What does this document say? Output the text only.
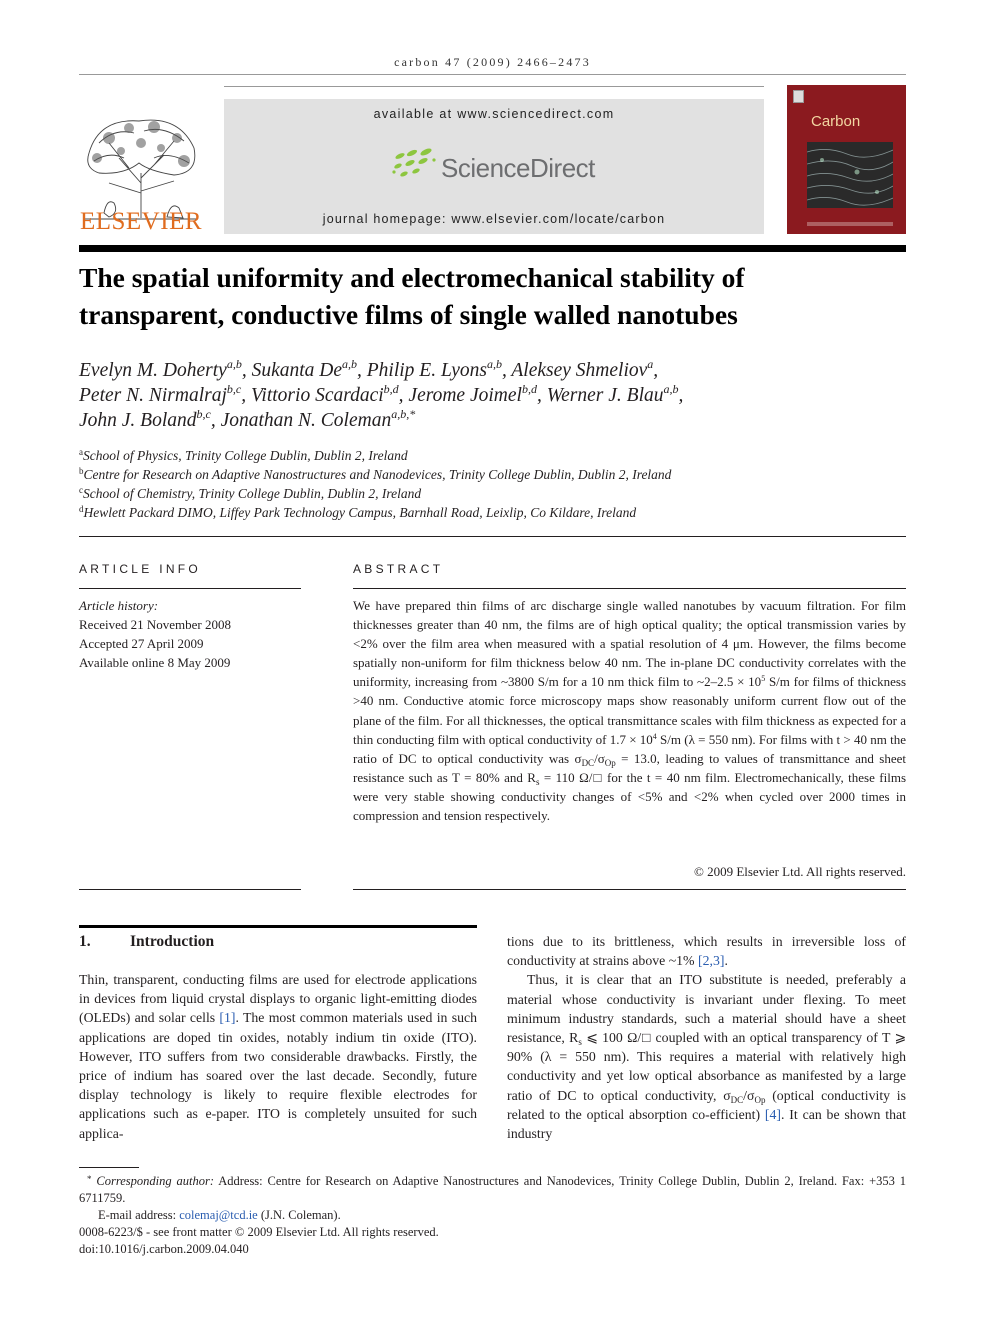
carbon 47 (2009) 2466–2473
ELSEVIER
available at www.sciencedirect.com
ScienceDirect
journal homepage: www.elsevier.com/locate/carbon
Carbon
The spatial uniformity and electromechanical stability of
transparent, conductive films of single walled nanotubes
Evelyn M. Doherty$^{a,b}$, Sukanta De$^{a,b}$, Philip E. Lyons$^{a,b}$, Aleksey Shmeliov$^a$,
Peter N. Nirmalraj$^{b,c}$, Vittorio Scardaci$^{b,d}$, Jerome Joimel$^{b,d}$, Werner J. Blau$^{a,b}$,
John J. Boland$^{b,c}$, Jonathan N. Coleman$^{a,b,*}$
$^a$School of Physics, Trinity College Dublin, Dublin 2, Ireland
$^b$Centre for Research on Adaptive Nanostructures and Nanodevices, Trinity College Dublin, Dublin 2, Ireland
$^c$School of Chemistry, Trinity College Dublin, Dublin 2, Ireland
$^d$Hewlett Packard DIMO, Liffey Park Technology Campus, Barnhall Road, Leixlip, Co Kildare, Ireland
ARTICLE INFO
Article history:
Received 21 November 2008
Accepted 27 April 2009
Available online 8 May 2009
ABSTRACT
We have prepared thin films of arc discharge single walled nanotubes by vacuum filtration. For film thicknesses greater than 40 nm, the films are of high optical quality; the optical transmission varies by <2% over the film area when measured with a spatial resolution of 4 μm. However, the films become spatially non-uniform for film thickness below 40 nm. The in-plane DC conductivity correlates with the uniformity, increasing from ~3800 S/m for a 10 nm thick film to ~2–2.5 × $10^5$ S/m for films of thickness >40 nm. Conductive atomic force microscopy maps show reasonably uniform current flow out of the plane of the film. For all thicknesses, the optical transmittance scales with film thickness as expected for a thin conducting film with optical conductivity of $1.7 \times 10^4$ S/m (λ = 550 nm). For films with t > 40 nm the ratio of DC to optical conductivity was $\sigma_{DC}/\sigma_{Op} = 13.0$, leading to values of transmittance and sheet resistance such as T = 80% and $R_s = 110$ Ω/□ for the t = 40 nm film. Electromechanically, these films were very stable showing conductivity changes of <5% and <2% when cycled over 2000 times in compression and tension respectively.
© 2009 Elsevier Ltd. All rights reserved.
1.	Introduction

Thin, transparent, conducting films are used for electrode applications in devices from liquid crystal displays to organic light-emitting diodes (OLEDs) and solar cells [1]. The most common materials used in such applications are doped tin oxides, notably indium tin oxide (ITO). However, ITO suffers from two considerable drawbacks. Firstly, the price of indium has soared over the last decade. Secondly, future display technology is likely to require flexible electrodes for applications such as e-paper. ITO is completely unsuited for such applica-

tions due to its brittleness, which results in irreversible loss of conductivity at strains above ~1% [2,3].

Thus, it is clear that an ITO substitute is needed, preferably a material whose conductivity is invariant under flexing. To meet minimum industry standards, such a material should have a sheet resistance, $R_s$ ⩽ 100 Ω/□ coupled with an optical transparency of T ⩾ 90% (λ = 550 nm). This requires a material with relatively high conductivity and yet low optical absorbance as manifested by a large ratio of DC to optical conductivity, $\sigma_{DC}/\sigma_{Op}$ (optical conductivity is related to the optical absorption co-efficient) [4]. It can be shown that industry

* Corresponding author: Address: Centre for Research on Adaptive Nanostructures and Nanodevices, Trinity College Dublin, Dublin 2, Ireland. Fax: +353 1 6711759.
E-mail address: colemaj@tcd.ie (J.N. Coleman).
0008-6223/$ - see front matter © 2009 Elsevier Ltd. All rights reserved.
doi:10.1016/j.carbon.2009.04.040
